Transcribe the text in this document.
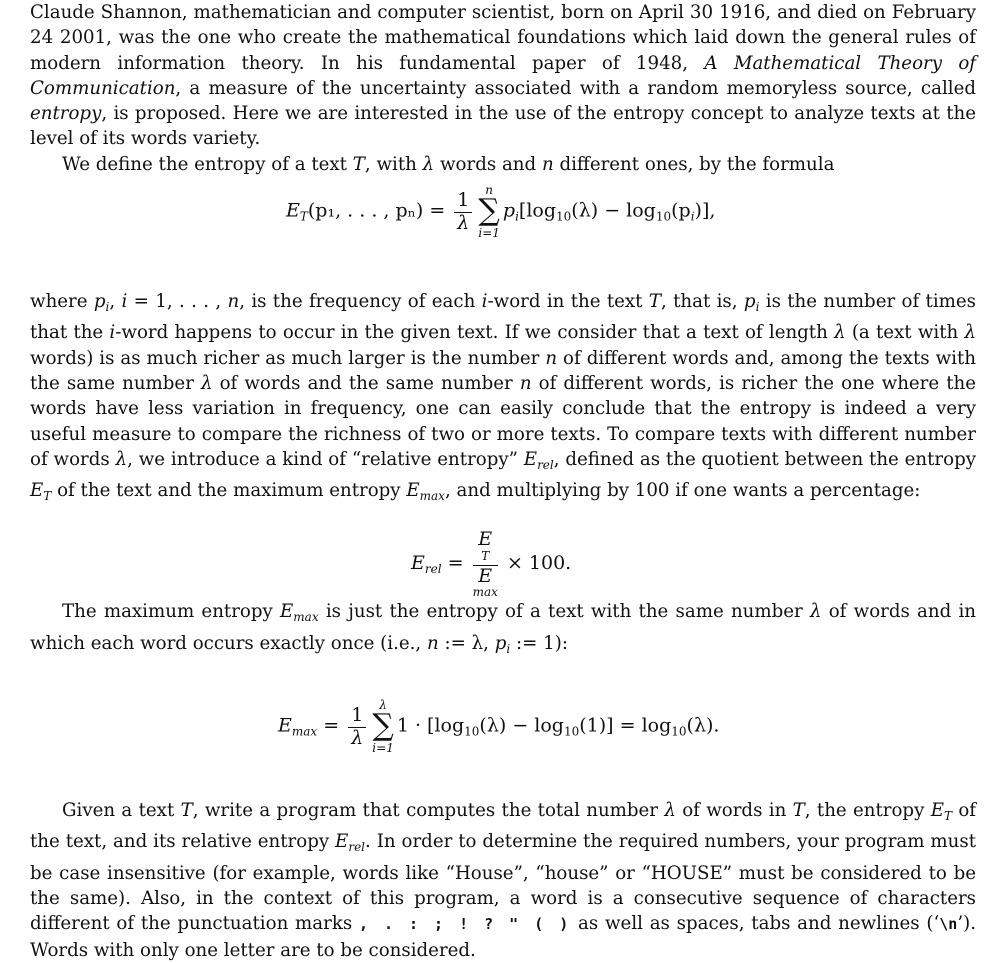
Claude Shannon, mathematician and computer scientist, born on April 30 1916, and died on February 24 2001, was the one who create the mathematical foundations which laid down the general rules of modern information theory. In his fundamental paper of 1948, A Mathematical Theory of Communication, a measure of the uncertainty associated with a random memoryless source, called entropy, is proposed. Here we are interested in the use of the entropy concept to analyze texts at the level of its words variety.

We define the entropy of a text T, with λ words and n different ones, by the formula

$E_T(p_1$, . . . , $p_n) = \frac{1}{\lambda}$	n
∑
i=1
$p_i[\log_{10}(\lambda) - \log_{10}(p_i)]$,

where $p_i$, i = 1, . . . , n, is the frequency of each i-word in the text T, that is, $p_i$ is the number of times that the i-word happens to occur in the given text. If we consider that a text of length λ (a text with λ words) is as much richer as much larger is the number n of different words and, among the texts with the same number λ of words and the same number n of different words, is richer the one where the words have less variation in frequency, one can easily conclude that the entropy is indeed a very useful measure to compare the richness of two or more texts. To compare texts with different number of words λ, we introduce a kind of “relative entropy” $E_{rel}$, defined as the quotient between the entropy $E_T$ of the text and the maximum entropy $E_{max}$, and multiplying by 100 if one wants a percentage:

$E_{rel} = E$
T
E
max × 100.

The maximum entropy $E_{max}$ is just the entropy of a text with the same number λ of words and in which each word occurs exactly once (i.e., n := λ, $p_i$ := 1):

$E_{max} = \frac{1}{\lambda}$	λ
∑
i=1
$1 \cdot [\log_{10}(\lambda) - \log_{10}(1)] = \log_{10}(\lambda)$.

Given a text T, write a program that computes the total number λ of words in T, the entropy $E_T$ of the text, and its relative entropy $E_{rel}$. In order to determine the required numbers, your program must be case insensitive (for example, words like “House”, “house” or “HOUSE” must be considered to be the same). Also, in the context of this program, a word is a consecutive sequence of characters different of the punctuation marks , . : ; ! ? " ( ) as well as spaces, tabs and newlines (‘\n’). Words with only one letter are to be considered.
